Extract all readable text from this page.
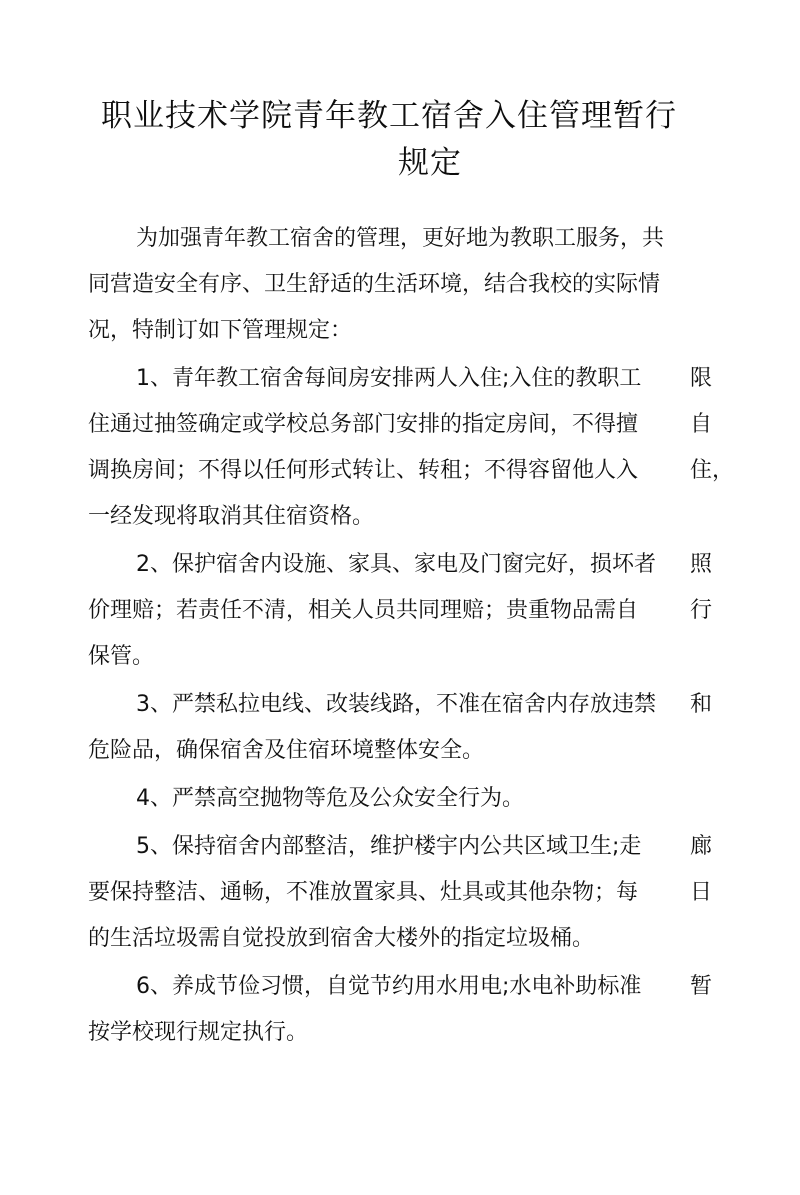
职业技术学院青年教工宿舍入住管理暂行
规定
为加强青年教工宿舍的管理，更好地为教职工服务，共
同营造安全有序、卫生舒适的生活环境，结合我校的实际情
况，特制订如下管理规定：
1、青年教工宿舍每间房安排两人入住;入住的教职工	限
住通过抽签确定或学校总务部门安排的指定房间，不得擅	自
调换房间；不得以任何形式转让、转租；不得容留他人入	住，
一经发现将取消其住宿资格。
2、保护宿舍内设施、家具、家电及门窗完好，损坏者	照
价理赔；若责任不清，相关人员共同理赔；贵重物品需自	行
保管。
3、严禁私拉电线、改装线路，不准在宿舍内存放违禁	和
危险品，确保宿舍及住宿环境整体安全。
4、严禁高空抛物等危及公众安全行为。
5、保持宿舍内部整洁，维护楼宇内公共区域卫生;走	廊
要保持整洁、通畅，不准放置家具、灶具或其他杂物；每	日
的生活垃圾需自觉投放到宿舍大楼外的指定垃圾桶。
6、养成节俭习惯，自觉节约用水用电;水电补助标准	暂
按学校现行规定执行。
